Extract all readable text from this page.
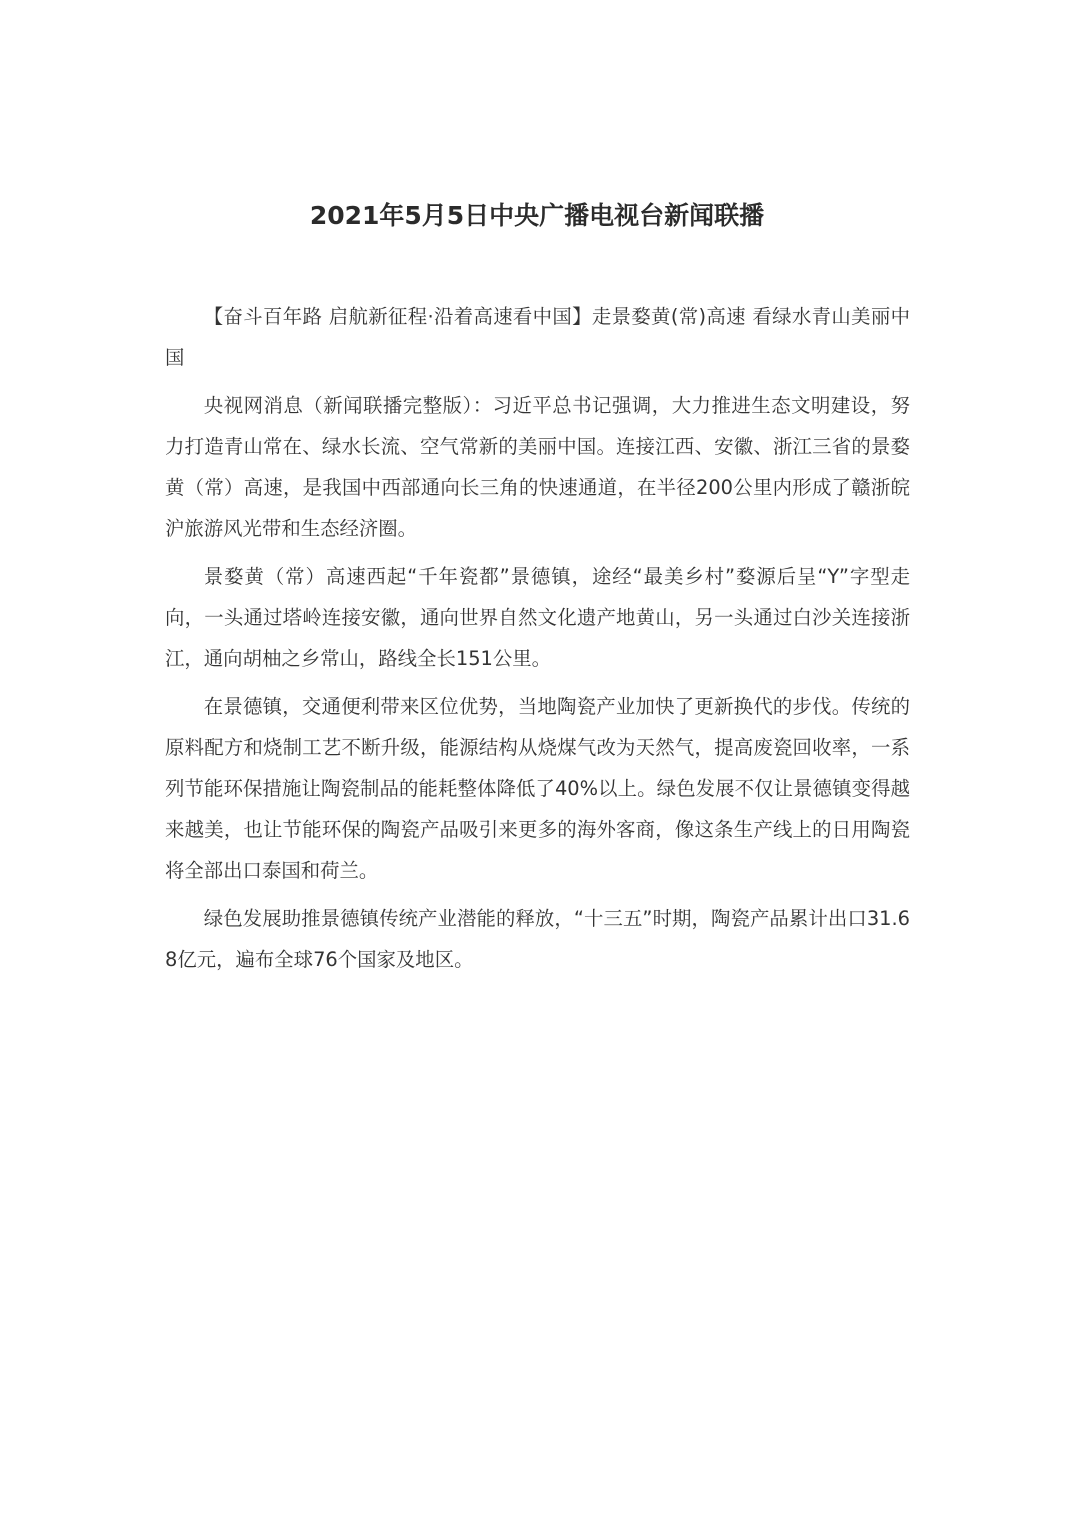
2021年5月5日中央广播电视台新闻联播

【奋斗百年路 启航新征程·沿着高速看中国】走景婺黄(常)高速 看绿水青山美丽中国

央视网消息（新闻联播完整版）：习近平总书记强调，大力推进生态文明建设，努力打造青山常在、绿水长流、空气常新的美丽中国。连接江西、安徽、浙江三省的景婺黄（常）高速，是我国中西部通向长三角的快速通道，在半径200公里内形成了赣浙皖沪旅游风光带和生态经济圈。

景婺黄（常）高速西起“千年瓷都”景德镇，途经“最美乡村”婺源后呈“Y”字型走向，一头通过塔岭连接安徽，通向世界自然文化遗产地黄山，另一头通过白沙关连接浙江，通向胡柚之乡常山，路线全长151公里。

在景德镇，交通便利带来区位优势，当地陶瓷产业加快了更新换代的步伐。传统的原料配方和烧制工艺不断升级，能源结构从烧煤气改为天然气，提高废瓷回收率，一系列节能环保措施让陶瓷制品的能耗整体降低了40%以上。绿色发展不仅让景德镇变得越来越美，也让节能环保的陶瓷产品吸引来更多的海外客商，像这条生产线上的日用陶瓷将全部出口泰国和荷兰。

绿色发展助推景德镇传统产业潜能的释放，“十三五”时期，陶瓷产品累计出口31.68亿元，遍布全球76个国家及地区。
